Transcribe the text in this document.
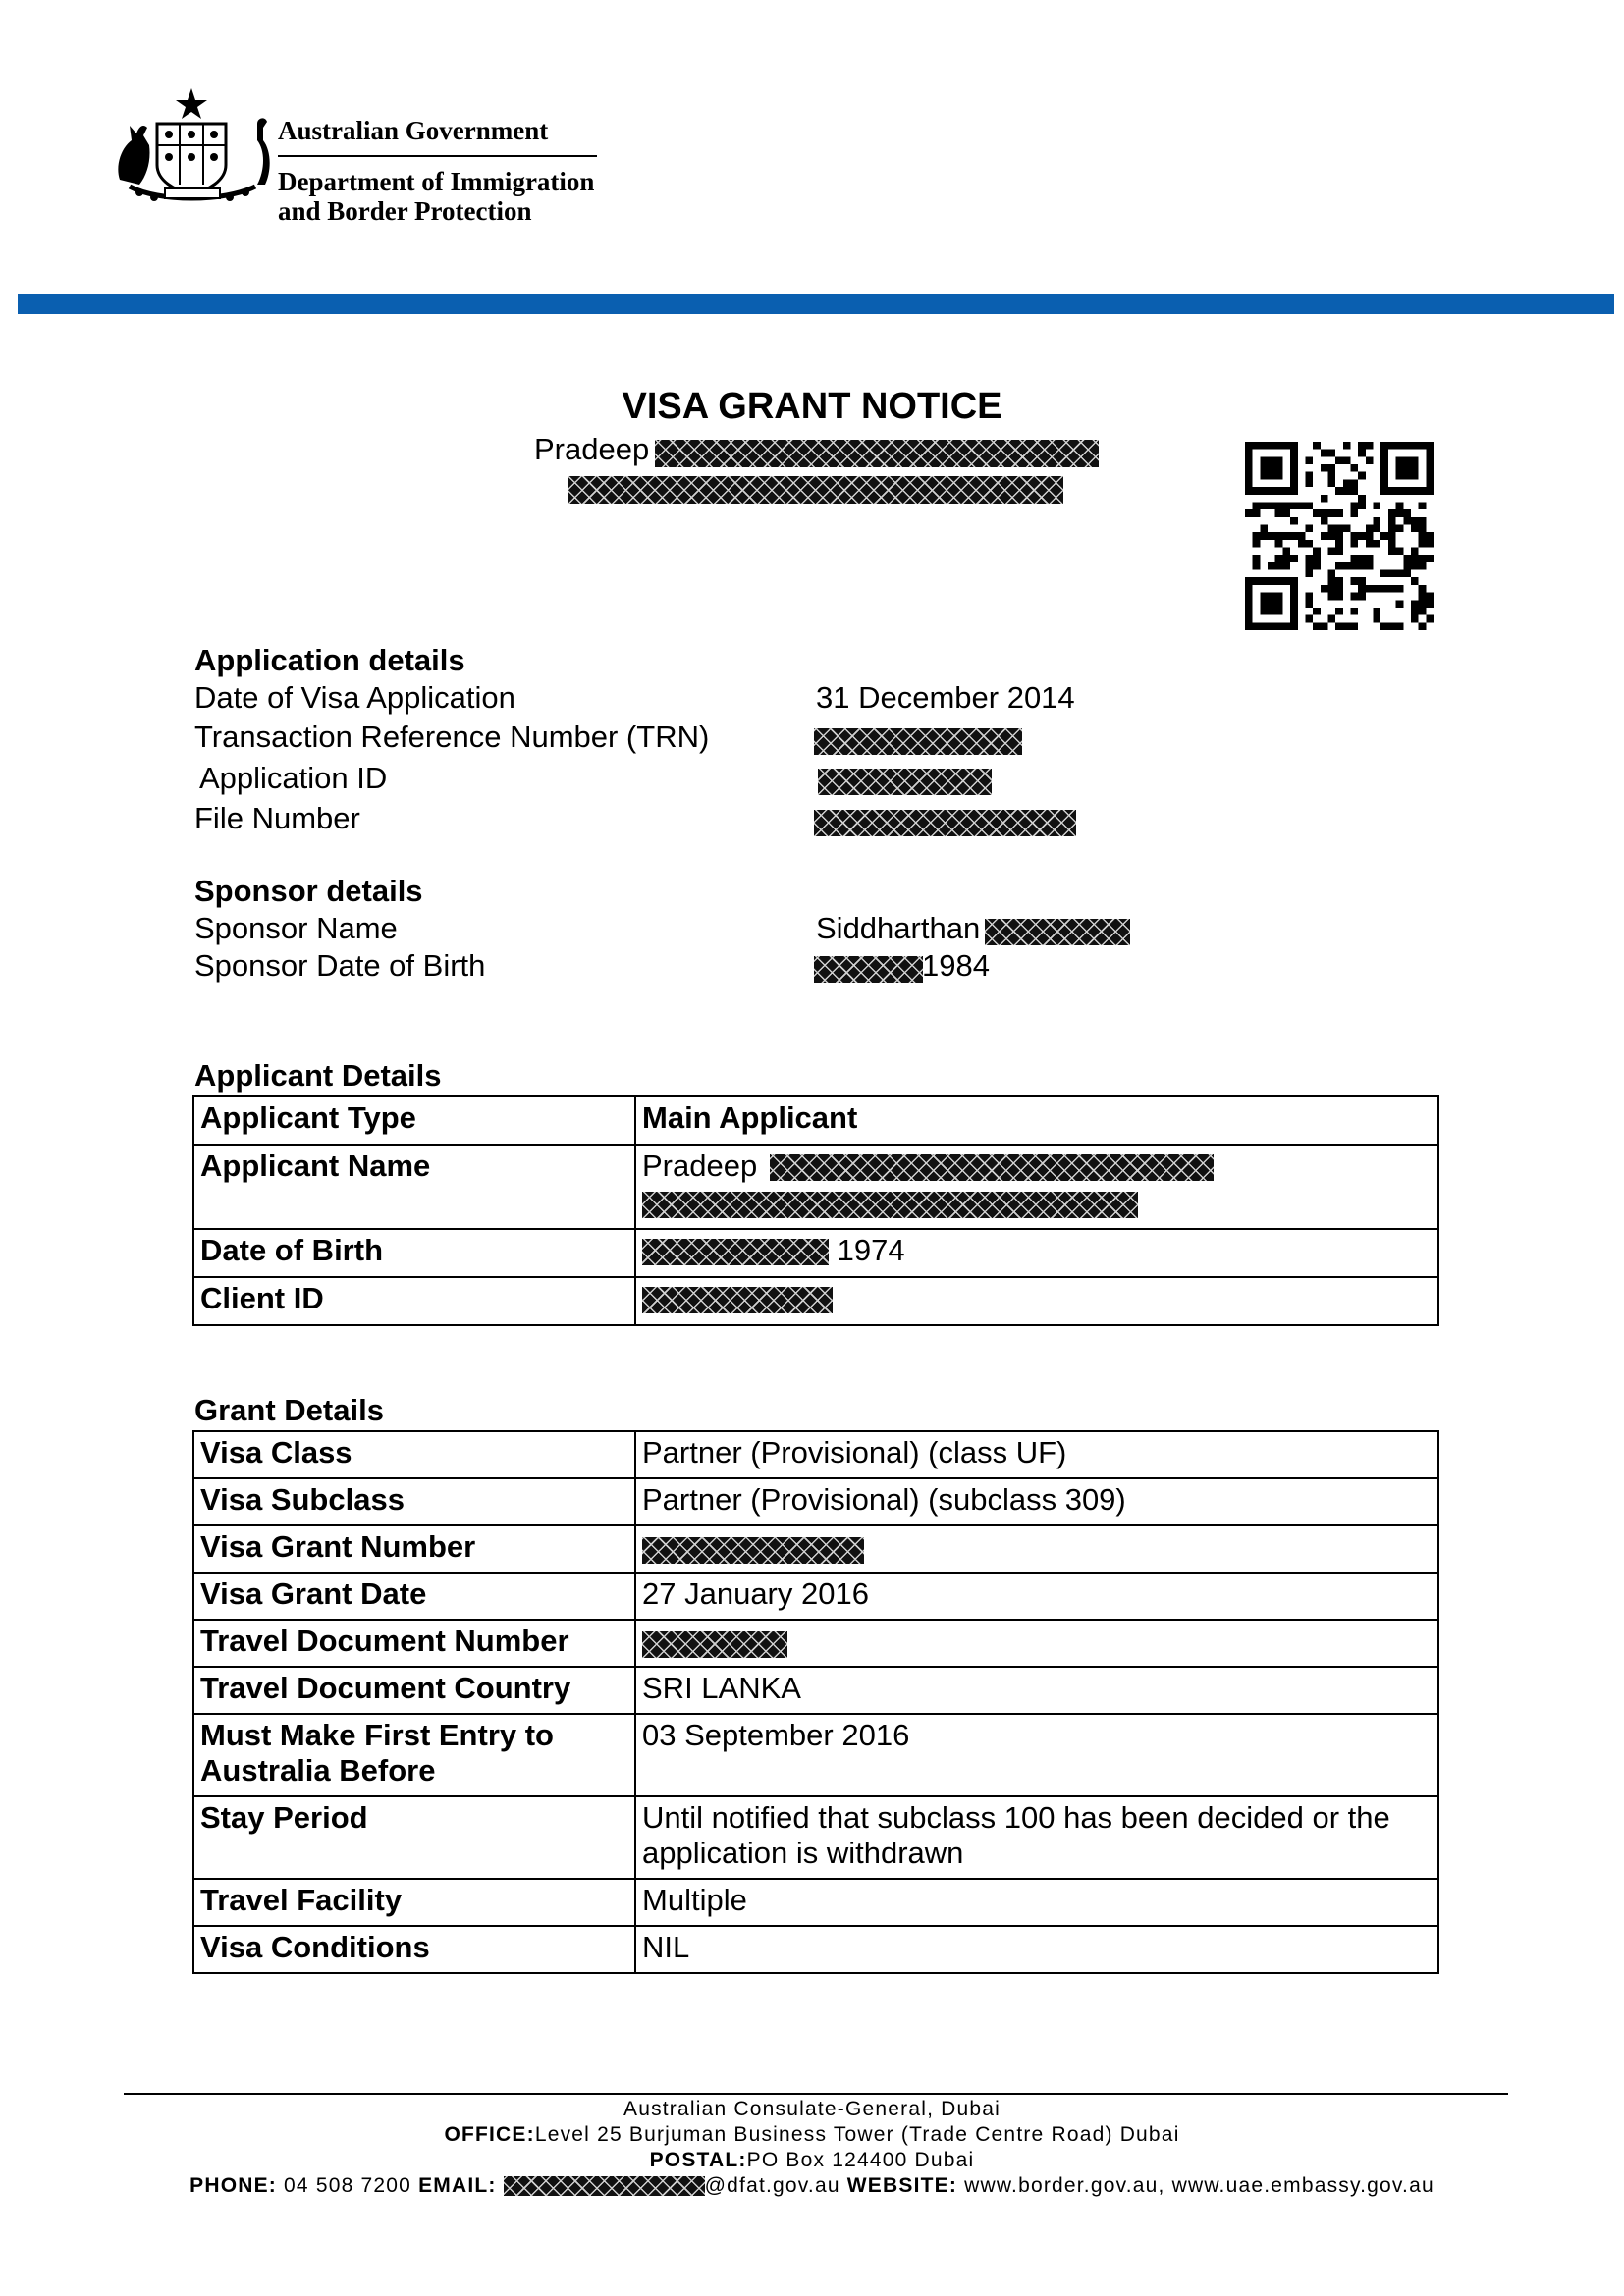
Australian Government
Department of Immigration
and Border Protection
VISA GRANT NOTICE
Pradeep
Application details
Date of Visa Application	31 December 2014
Transaction Reference Number (TRN)
Application ID
File Number
Sponsor details
Sponsor Name	Siddharthan
Sponsor Date of Birth	1984
Applicant Details
Applicant Type	Main Applicant
Applicant Name	Pradeep

Date of Birth	1974
Client ID	
Grant Details
Visa Class	Partner (Provisional) (class UF)
Visa Subclass	Partner (Provisional) (subclass 309)
Visa Grant Number	
Visa Grant Date	27 January 2016
Travel Document Number	
Travel Document Country	SRI LANKA
Must Make First Entry to Australia Before	03 September 2016
Stay Period	Until notified that subclass 100 has been decided or the application is withdrawn
Travel Facility	Multiple
Visa Conditions	NIL
Australian Consulate-General, Dubai
OFFICE:Level 25 Burjuman Business Tower (Trade Centre Road) Dubai
POSTAL:PO Box 124400 Dubai
PHONE: 04 508 7200 EMAIL:	@dfat.gov.au WEBSITE: www.border.gov.au, www.uae.embassy.gov.au
